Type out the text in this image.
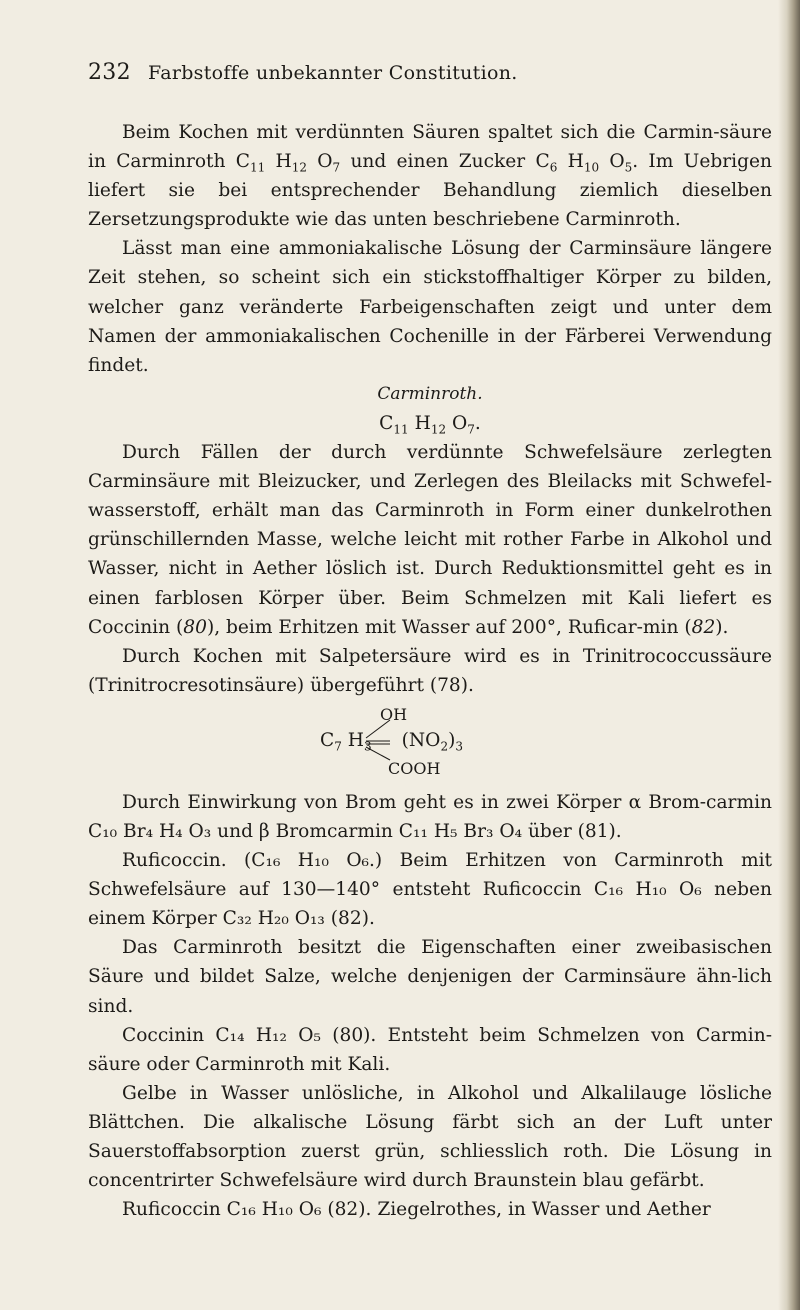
232 Farbstoffe unbekannter Constitution.

Beim Kochen mit verdünnten Säuren spaltet sich die Carmin-säure in Carminroth $C_{11}$ $H_{12}$ $O_7$ und einen Zucker $C_6$ $H_{10}$ $O_5$. Im Uebrigen liefert sie bei entsprechender Behandlung ziemlich dieselben Zersetzungsprodukte wie das unten beschriebene Carminroth.

Lässt man eine ammoniakalische Lösung der Carminsäure längere Zeit stehen, so scheint sich ein stickstoffhaltiger Körper zu bilden, welcher ganz veränderte Farbeigenschaften zeigt und unter dem Namen der ammoniakalischen Cochenille in der Färberei Verwendung findet.

Carminroth.

$C_{11}$ $H_{12}$ $O_7$.

Durch Fällen der durch verdünnte Schwefelsäure zerlegten Carminsäure mit Bleizucker, und Zerlegen des Bleilacks mit Schwefel-wasserstoff, erhält man das Carminroth in Form einer dunkelrothen grünschillernden Masse, welche leicht mit rother Farbe in Alkohol und Wasser, nicht in Aether löslich ist. Durch Reduktionsmittel geht es in einen farblosen Körper über. Beim Schmelzen mit Kali liefert es Coccinin (80), beim Erhitzen mit Wasser auf 200°, Ruficar-min (82).

Durch Kochen mit Salpetersäure wird es in Trinitrococcussäure (Trinitrocresotinsäure) übergeführt (78).

OH
$C_7$ $H_3$ $(NO_2)_3$
COOH

Durch Einwirkung von Brom geht es in zwei Körper α Brom-carmin C₁₀ Br₄ H₄ O₃ und β Bromcarmin C₁₁ H₅ Br₃ O₄ über (81).

Ruficoccin. (C₁₆ H₁₀ O₆.) Beim Erhitzen von Carminroth mit Schwefelsäure auf 130—140° entsteht Ruficoccin C₁₆ H₁₀ O₆ neben einem Körper C₃₂ H₂₀ O₁₃ (82).

Das Carminroth besitzt die Eigenschaften einer zweibasischen Säure und bildet Salze, welche denjenigen der Carminsäure ähn-lich sind.

Coccinin C₁₄ H₁₂ O₅ (80). Entsteht beim Schmelzen von Carmin-säure oder Carminroth mit Kali.

Gelbe in Wasser unlösliche, in Alkohol und Alkalilauge lösliche Blättchen. Die alkalische Lösung färbt sich an der Luft unter Sauerstoffabsorption zuerst grün, schliesslich roth. Die Lösung in concentrirter Schwefelsäure wird durch Braunstein blau gefärbt.

Ruficoccin C₁₆ H₁₀ O₆ (82). Ziegelrothes, in Wasser und Aether
